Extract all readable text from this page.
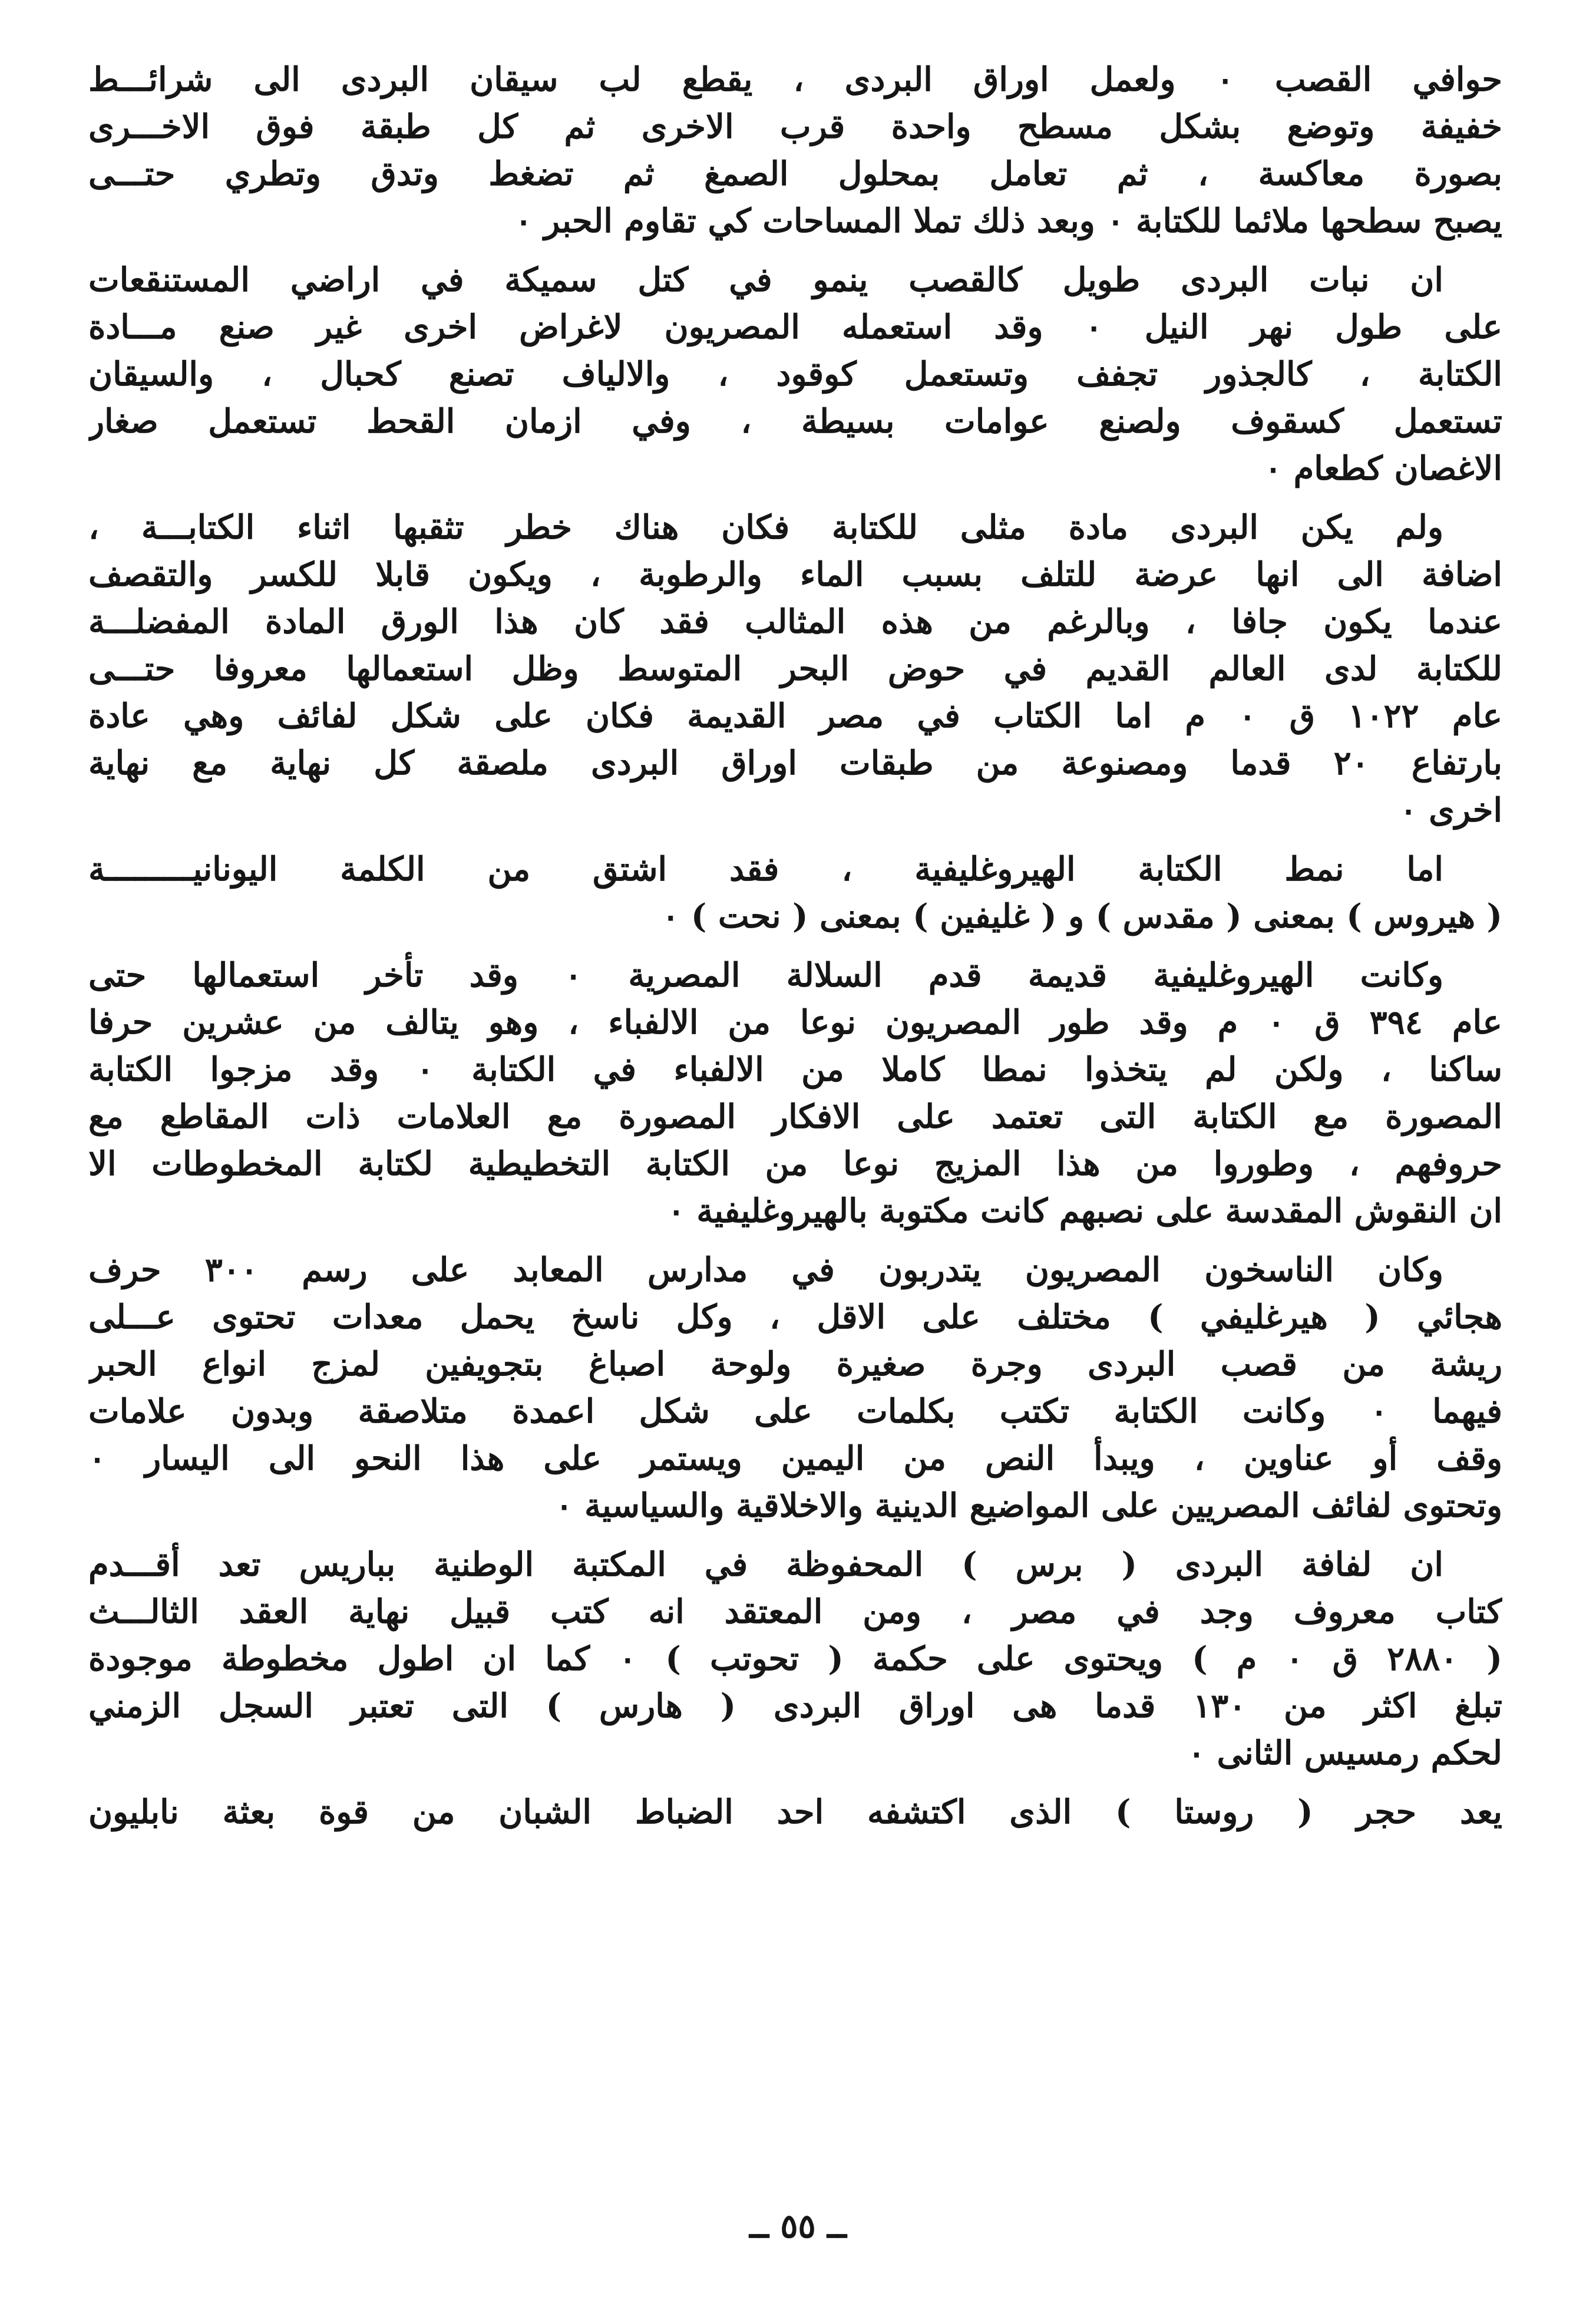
حوافي القصب ٠ ولعمل اوراق البردى ، يقطع لب سيقان البردى الى شرائـــط
خفيفة وتوضع بشكل مسطح واحدة قرب الاخرى ثم كل طبقة فوق الاخـــرى
بصورة معاكسة ، ثم تعامل بمحلول الصمغ ثم تضغط وتدق وتطري حتـــى
يصبح سطحها ملائما للكتابة ٠ وبعد ذلك تملا المساحات كي تقاوم الحبر ٠
ان نبات البردى طويل كالقصب ينمو في كتل سميكة في اراضي المستنقعات
على طول نهر النيل ٠ وقد استعمله المصريون لاغراض اخرى غير صنع مـــادة
الكتابة ، كالجذور تجفف وتستعمل كوقود ، والالياف تصنع كحبال ، والسيقان
تستعمل كسقوف ولصنع عوامات بسيطة ، وفي ازمان القحط تستعمل صغار
الاغصان كطعام ٠
ولم يكن البردى مادة مثلى للكتابة فكان هناك خطر تثقبها اثناء الكتابـــة ،
اضافة الى انها عرضة للتلف بسبب الماء والرطوبة ، ويكون قابلا للكسر والتقصف
عندما يكون جافا ، وبالرغم من هذه المثالب فقد كان هذا الورق المادة المفضلـــة
للكتابة لدى العالم القديم في حوض البحر المتوسط وظل استعمالها معروفا حتـــى
عام ١٠٢٢ ق ٠ م اما الكتاب في مصر القديمة فكان على شكل لفائف وهي عادة
بارتفاع ٢٠ قدما ومصنوعة من طبقات اوراق البردى ملصقة كل نهاية مع نهاية
اخرى ٠
اما نمط الكتابة الهيروغليفية ، فقد اشتق من الكلمة اليونانيـــــــــة
( هيروس ) بمعنى ( مقدس ) و ( غليفين ) بمعنى ( نحت ) ٠
وكانت الهيروغليفية قديمة قدم السلالة المصرية ٠ وقد تأخر استعمالها حتى
عام ٣٩٤ ق ٠ م وقد طور المصريون نوعا من الالفباء ، وهو يتالف من عشرين حرفا
ساكنا ، ولكن لم يتخذوا نمطا كاملا من الالفباء في الكتابة ٠ وقد مزجوا الكتابة
المصورة مع الكتابة التى تعتمد على الافكار المصورة مع العلامات ذات المقاطع مع
حروفهم ، وطوروا من هذا المزيج نوعا من الكتابة التخطيطية لكتابة المخطوطات الا
ان النقوش المقدسة على نصبهم كانت مكتوبة بالهيروغليفية ٠
وكان الناسخون المصريون يتدربون في مدارس المعابد على رسم ٣٠٠ حرف
هجائي ( هيرغليفي ) مختلف على الاقل ، وكل ناسخ يحمل معدات تحتوى عـــلى
ريشة من قصب البردى وجرة صغيرة ولوحة اصباغ بتجويفين لمزج انواع الحبر
فيهما ٠ وكانت الكتابة تكتب بكلمات على شكل اعمدة متلاصقة وبدون علامات
وقف أو عناوين ، ويبدأ النص من اليمين ويستمر على هذا النحو الى اليسار ٠
وتحتوى لفائف المصريين على المواضيع الدينية والاخلاقية والسياسية ٠
ان لفافة البردى ( برس ) المحفوظة في المكتبة الوطنية بباريس تعد أقـــدم
كتاب معروف وجد في مصر ، ومن المعتقد انه كتب قبيل نهاية العقد الثالـــث
( ٢٨٨٠ ق ٠ م ) ويحتوى على حكمة ( تحوتب ) ٠ كما ان اطول مخطوطة موجودة
تبلغ اكثر من ١٣٠ قدما هى اوراق البردى ( هارس ) التى تعتبر السجل الزمني
لحكم رمسيس الثانى ٠
يعد حجر ( روستا ) الذى اكتشفه احد الضباط الشبان من قوة بعثة نابليون
ــ ٥٥ ــ
